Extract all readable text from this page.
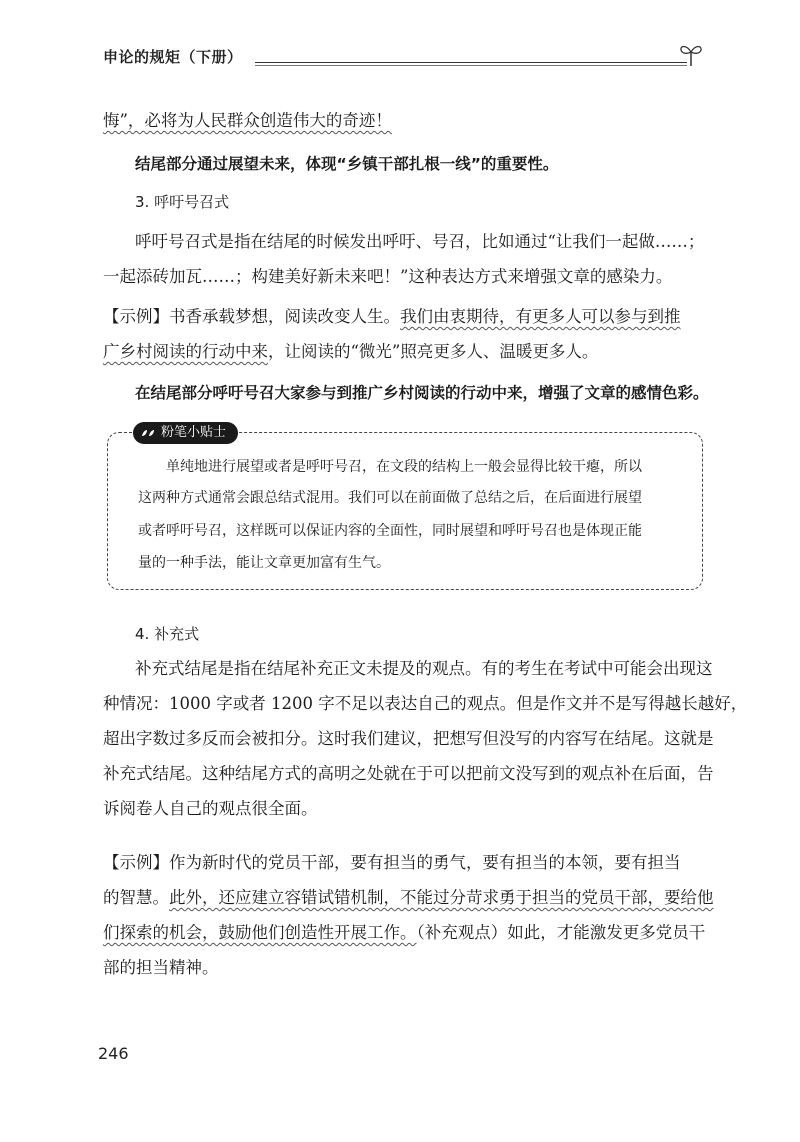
申论的规矩（下册）
悔”，必将为人民群众创造伟大的奇迹！
结尾部分通过展望未来，体现“乡镇干部扎根一线”的重要性。
3. 呼吁号召式
呼吁号召式是指在结尾的时候发出呼吁、号召，比如通过“让我们一起做……；
一起添砖加瓦……；构建美好新未来吧！”这种表达方式来增强文章的感染力。
【示例】书香承载梦想，阅读改变人生。我们由衷期待，有更多人可以参与到推
广乡村阅读的行动中来，让阅读的“微光”照亮更多人、温暖更多人。
在结尾部分呼吁号召大家参与到推广乡村阅读的行动中来，增强了文章的感情色彩。
粉笔小贴士
单纯地进行展望或者是呼吁号召，在文段的结构上一般会显得比较干瘪，所以
这两种方式通常会跟总结式混用。我们可以在前面做了总结之后，在后面进行展望
或者呼吁号召，这样既可以保证内容的全面性，同时展望和呼吁号召也是体现正能
量的一种手法，能让文章更加富有生气。
4. 补充式
补充式结尾是指在结尾补充正文未提及的观点。有的考生在考试中可能会出现这
种情况：1000 字或者 1200 字不足以表达自己的观点。但是作文并不是写得越长越好，
超出字数过多反而会被扣分。这时我们建议，把想写但没写的内容写在结尾。这就是
补充式结尾。这种结尾方式的高明之处就在于可以把前文没写到的观点补在后面，告
诉阅卷人自己的观点很全面。
【示例】作为新时代的党员干部，要有担当的勇气，要有担当的本领，要有担当
的智慧。此外，还应建立容错试错机制，不能过分苛求勇于担当的党员干部，要给他
们探索的机会，鼓励他们创造性开展工作。（补充观点）如此，才能激发更多党员干
部的担当精神。
246
